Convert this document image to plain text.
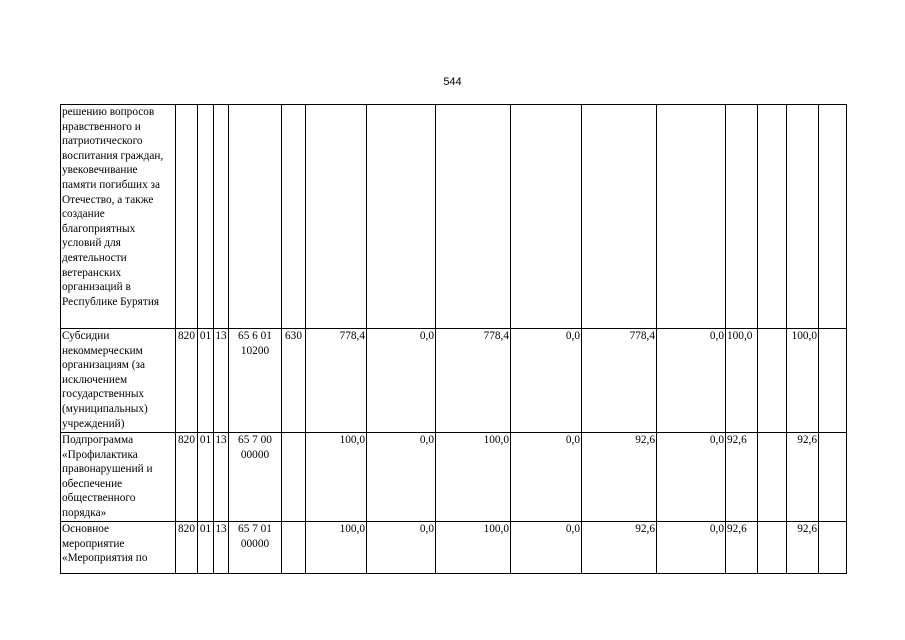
544
решению вопросов нравственного и патриотического воспитания граждан, увековечивание памяти погибших за Отечество, а также создание благоприятных условий для деятельности ветеранских организаций в Республике Бурятия															
Субсидии некоммерческим организациям (за исключением государственных (муниципальных) учреждений)	820	01	13	65 6 01 10200	630	778,4	0,0	778,4	0,0	778,4	0,0	100,0		100,0	
Подпрограмма «Профилактика правонарушений и обеспечение общественного порядка»	820	01	13	65 7 00 00000		100,0	0,0	100,0	0,0	92,6	0,0	92,6		92,6	
Основное мероприятие «Мероприятия по	820	01	13	65 7 01 00000		100,0	0,0	100,0	0,0	92,6	0,0	92,6		92,6	
